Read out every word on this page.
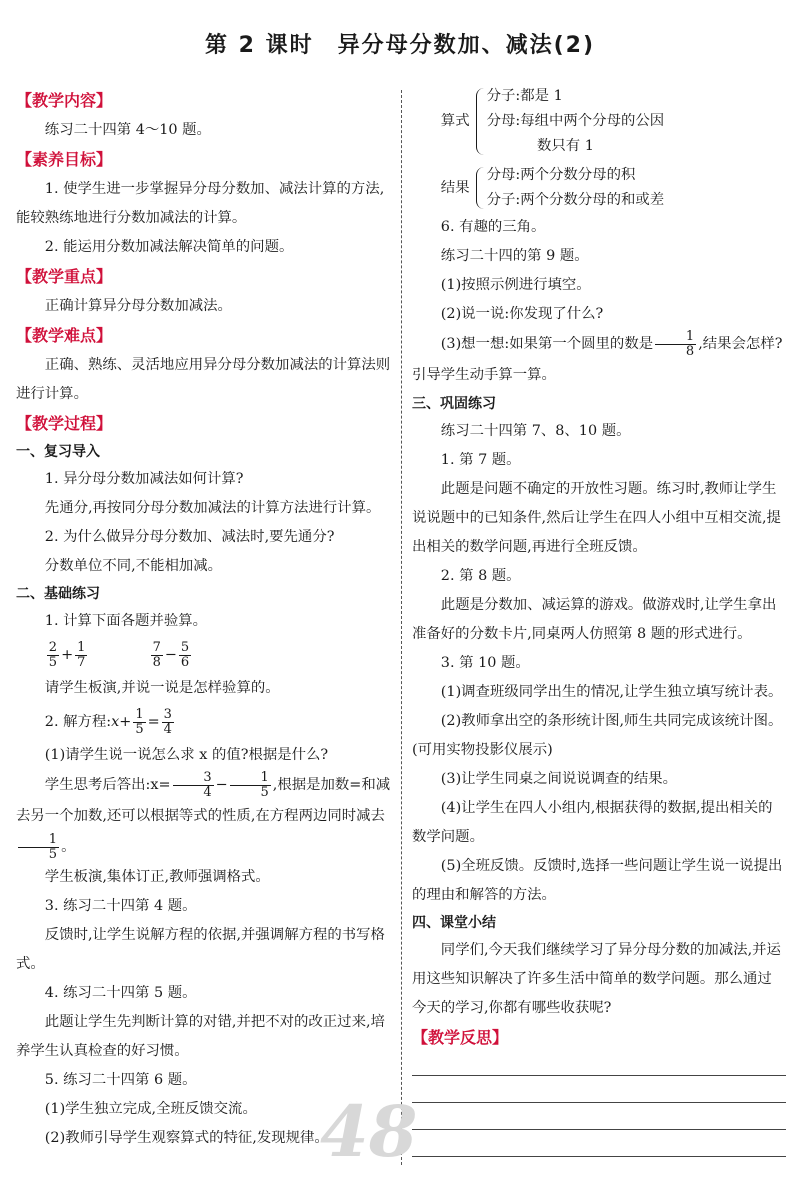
第 2 课时　异分母分数加、减法(2)
【教学内容】

练习二十四第 4～10 题。

【素养目标】

1. 使学生进一步掌握异分母分数加、减法计算的方法,能较熟练地进行分数加减法的计算。

2. 能运用分数加减法解决简单的问题。

【教学重点】

正确计算异分母分数加减法。

【教学难点】

正确、熟练、灵活地应用异分母分数加减法的计算法则进行计算。

【教学过程】
一、复习导入

1. 异分母分数加减法如何计算?

先通分,再按同分母分数加减法的计算方法进行计算。

2. 为什么做异分母分数加、减法时,要先通分?

分数单位不同,不能相加减。

二、基础练习

1. 计算下面各题并验算。

$\frac{2}{5} + \frac{1}{7}$
	$\frac{7}{8} - \frac{5}{6}$

请学生板演,并说一说是怎样验算的。

2. 解方程:x+ $\frac{1}{5} = \frac{3}{4}$

(1)请学生说一说怎么求 x 的值?根据是什么?

学生思考后答出:x= $\frac{3}{4} - \frac{1}{5}$ ,根据是加数=和减去另一个加数,还可以根据等式的性质,在方程两边同时减去
$\frac{1}{5}$ 。

学生板演,集体订正,教师强调格式。

3. 练习二十四第 4 题。

反馈时,让学生说解方程的依据,并强调解方程的书写格式。

4. 练习二十四第 5 题。

此题让学生先判断计算的对错,并把不对的改正过来,培养学生认真检查的好习惯。

5. 练习二十四第 6 题。

(1)学生独立完成,全班反馈交流。

(2)教师引导学生观察算式的特征,发现规律。

算式
分子:都是 1
分母:每组中两个分母的公因
数只有 1
结果
分母:两个分数分母的积
分子:两个分数分母的和或差

6. 有趣的三角。

练习二十四的第 9 题。

(1)按照示例进行填空。

(2)说一说:你发现了什么?

(3)想一想:如果第一个圆里的数是 $\frac{1}{8}$ ,结果会怎样?引导学生动手算一算。

三、巩固练习

练习二十四第 7、8、10 题。

1. 第 7 题。

此题是问题不确定的开放性习题。练习时,教师让学生说说题中的已知条件,然后让学生在四人小组中互相交流,提出相关的数学问题,再进行全班反馈。

2. 第 8 题。

此题是分数加、减运算的游戏。做游戏时,让学生拿出准备好的分数卡片,同桌两人仿照第 8 题的形式进行。

3. 第 10 题。

(1)调查班级同学出生的情况,让学生独立填写统计表。

(2)教师拿出空的条形统计图,师生共同完成该统计图。(可用实物投影仪展示)

(3)让学生同桌之间说说调查的结果。

(4)让学生在四人小组内,根据获得的数据,提出相关的数学问题。

(5)全班反馈。反馈时,选择一些问题让学生说一说提出的理由和解答的方法。

四、课堂小结

同学们,今天我们继续学习了异分母分数的加减法,并运用这些知识解决了许多生活中简单的数学问题。那么通过今天的学习,你都有哪些收获呢?

【教学反思】
48
